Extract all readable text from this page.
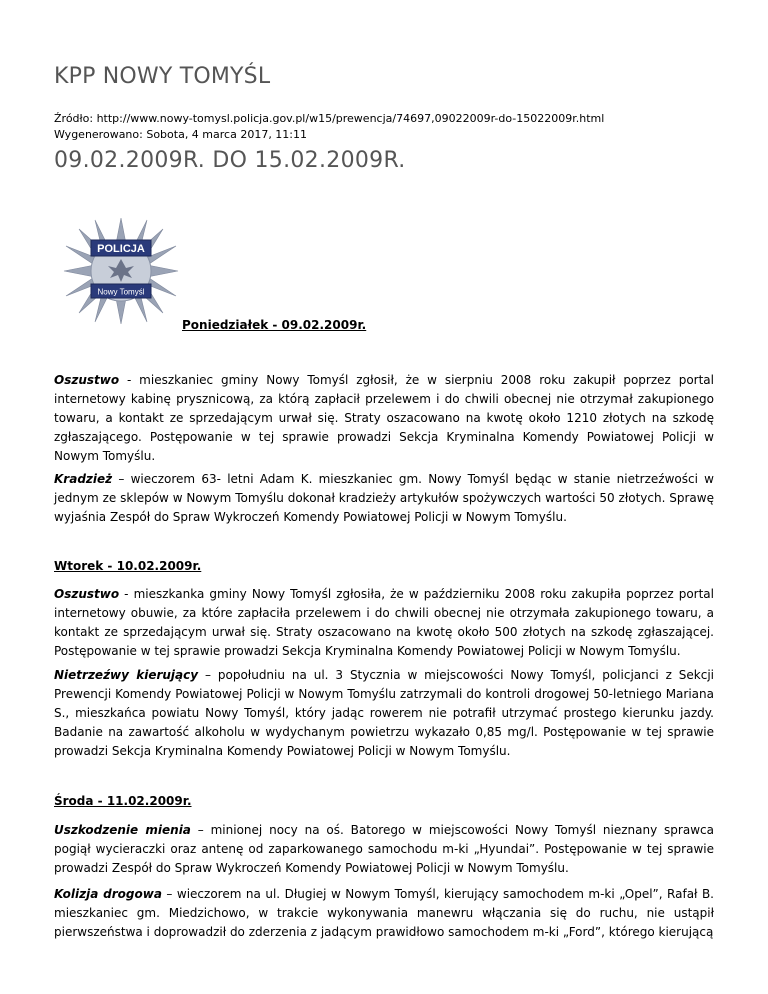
KPP NOWY TOMYŚL
Źródło: http://www.nowy-tomysl.policja.gov.pl/w15/prewencja/74697,09022009r-do-15022009r.html
Wygenerowano: Sobota, 4 marca 2017, 11:11
09.02.2009R. DO 15.02.2009R.
POLICJA
Nowy Tomyśl
Poniedziałek - 09.02.2009r.

Oszustwo - mieszkaniec gminy Nowy Tomyśl zgłosił, że w sierpniu 2008 roku zakupił poprzez portal internetowy kabinę prysznicową, za którą zapłacił przelewem i do chwili obecnej nie otrzymał zakupionego towaru, a kontakt ze sprzedającym urwał się. Straty oszacowano na kwotę około 1210 złotych na szkodę zgłaszającego. Postępowanie w tej sprawie prowadzi Sekcja Kryminalna Komendy Powiatowej Policji w Nowym Tomyślu.

Kradzież – wieczorem 63- letni Adam K. mieszkaniec gm. Nowy Tomyśl będąc w stanie nietrzeźwości w jednym ze sklepów w Nowym Tomyślu dokonał kradzieży artykułów spożywczych wartości 50 złotych. Sprawę wyjaśnia Zespół do Spraw Wykroczeń Komendy Powiatowej Policji w Nowym Tomyślu.

Wtorek - 10.02.2009r.

Oszustwo - mieszkanka gminy Nowy Tomyśl zgłosiła, że w październiku 2008 roku zakupiła poprzez portal internetowy obuwie, za które zapłaciła przelewem i do chwili obecnej nie otrzymała zakupionego towaru, a kontakt ze sprzedającym urwał się. Straty oszacowano na kwotę około 500 złotych na szkodę zgłaszającej. Postępowanie w tej sprawie prowadzi Sekcja Kryminalna Komendy Powiatowej Policji w Nowym Tomyślu.

Nietrzeźwy kierujący – popołudniu na ul. 3 Stycznia w miejscowości Nowy Tomyśl, policjanci z Sekcji Prewencji Komendy Powiatowej Policji w Nowym Tomyślu zatrzymali do kontroli drogowej 50-letniego Mariana S., mieszkańca powiatu Nowy Tomyśl, który jadąc rowerem nie potrafił utrzymać prostego kierunku jazdy. Badanie na zawartość alkoholu w wydychanym powietrzu wykazało 0,85 mg/l. Postępowanie w tej sprawie prowadzi Sekcja Kryminalna Komendy Powiatowej Policji w Nowym Tomyślu.

Środa - 11.02.2009r.

Uszkodzenie mienia – minionej nocy na oś. Batorego w miejscowości Nowy Tomyśl nieznany sprawca pogiął wycieraczki oraz antenę od zaparkowanego samochodu m-ki „Hyundai”. Postępowanie w tej sprawie prowadzi Zespół do Spraw Wykroczeń Komendy Powiatowej Policji w Nowym Tomyślu.

Kolizja drogowa – wieczorem na ul. Długiej w Nowym Tomyśl, kierujący samochodem m-ki „Opel”, Rafał B. mieszkaniec gm. Miedzichowo, w trakcie wykonywania manewru włączania się do ruchu, nie ustąpił pierwszeństwa i doprowadził do zderzenia z jadącym prawidłowo samochodem m-ki „Ford”, którego kierującą
